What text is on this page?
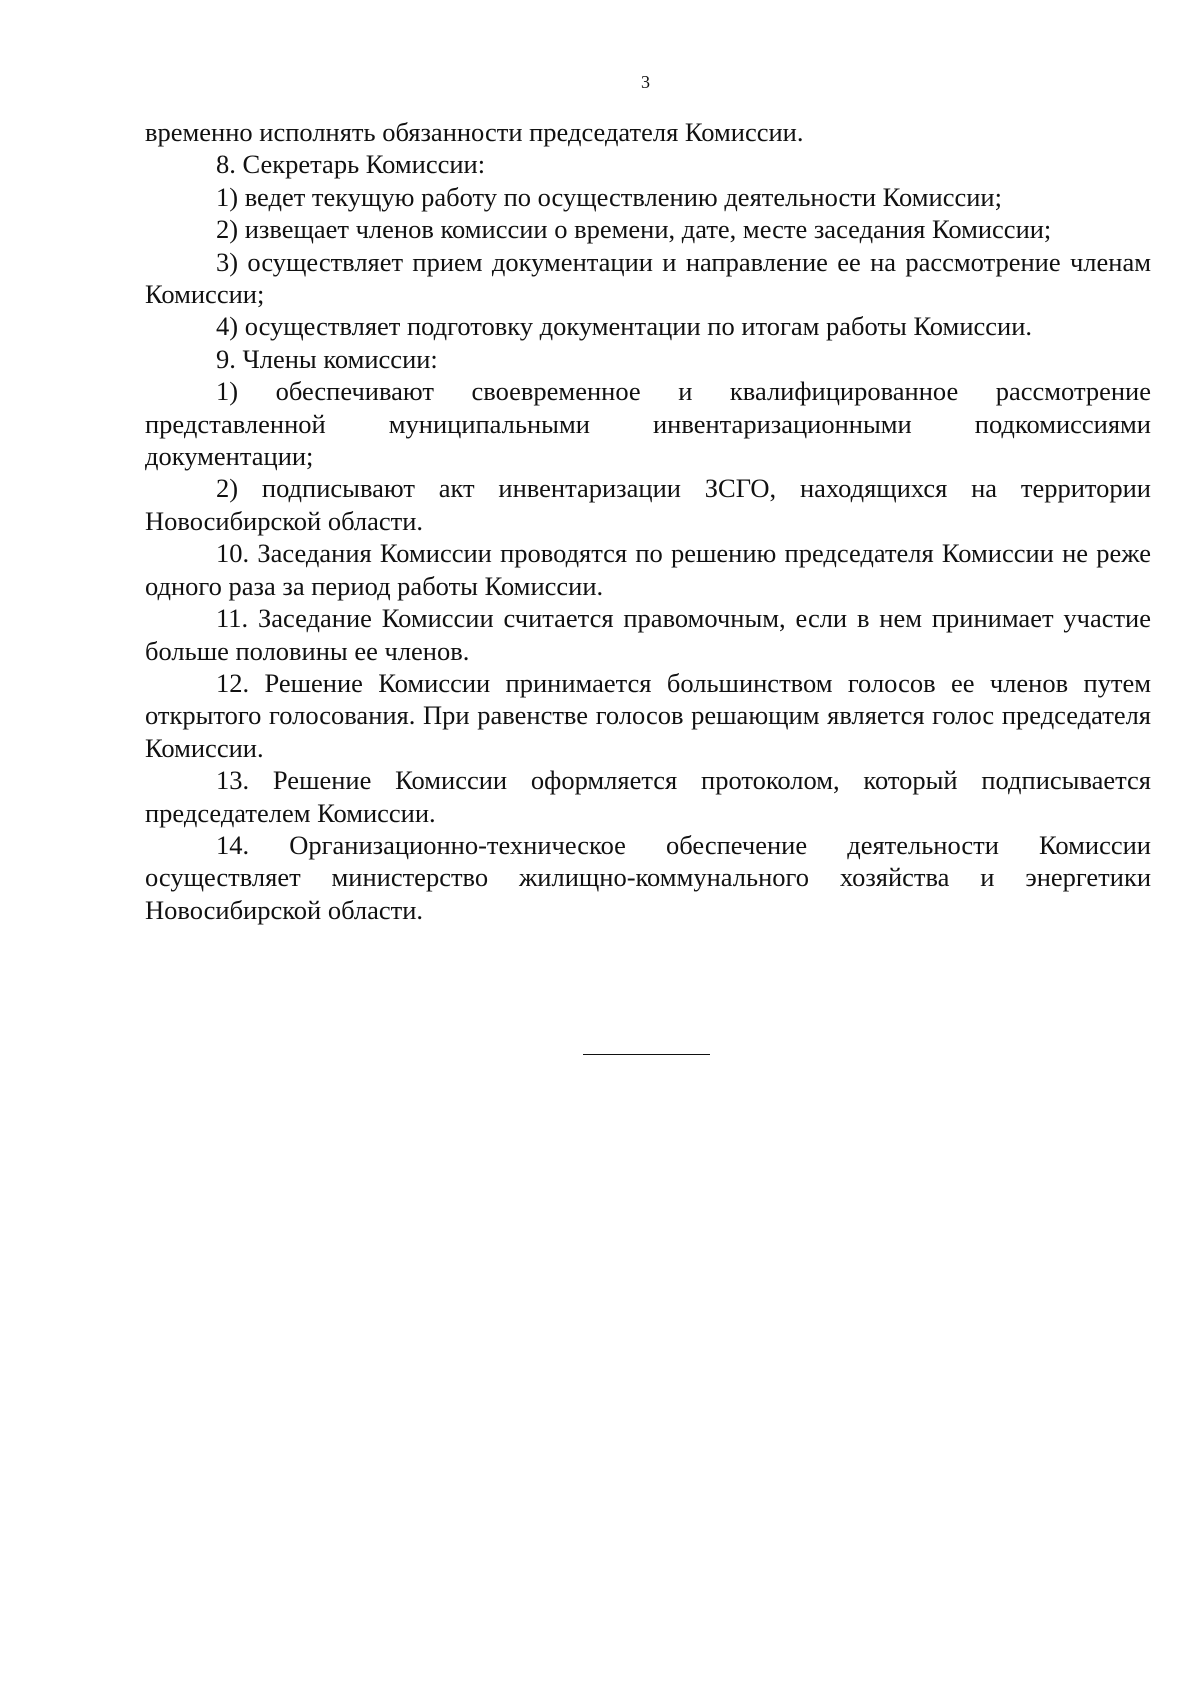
3

временно исполнять обязанности председателя Комиссии.

8. Секретарь Комиссии:

1) ведет текущую работу по осуществлению деятельности Комиссии;

2) извещает членов комиссии о времени, дате, месте заседания Комиссии;

3) осуществляет прием документации и направление ее на рассмотрение членам Комиссии;

4) осуществляет подготовку документации по итогам работы Комиссии.

9. Члены комиссии:

1) обеспечивают своевременное и квалифицированное рассмотрение представленной муниципальными инвентаризационными подкомиссиями документации;

2) подписывают акт инвентаризации ЗСГО, находящихся на территории Новосибирской области.

10. Заседания Комиссии проводятся по решению председателя Комиссии не реже одного раза за период работы Комиссии.

11. Заседание Комиссии считается правомочным, если в нем принимает участие больше половины ее членов.

12. Решение Комиссии принимается большинством голосов ее членов путем открытого голосования. При равенстве голосов решающим является голос председателя Комиссии.

13. Решение Комиссии оформляется протоколом, который подписывается председателем Комиссии.

14. Организационно-техническое обеспечение деятельности Комиссии осуществляет министерство жилищно-коммунального хозяйства и энергетики Новосибирской области.
